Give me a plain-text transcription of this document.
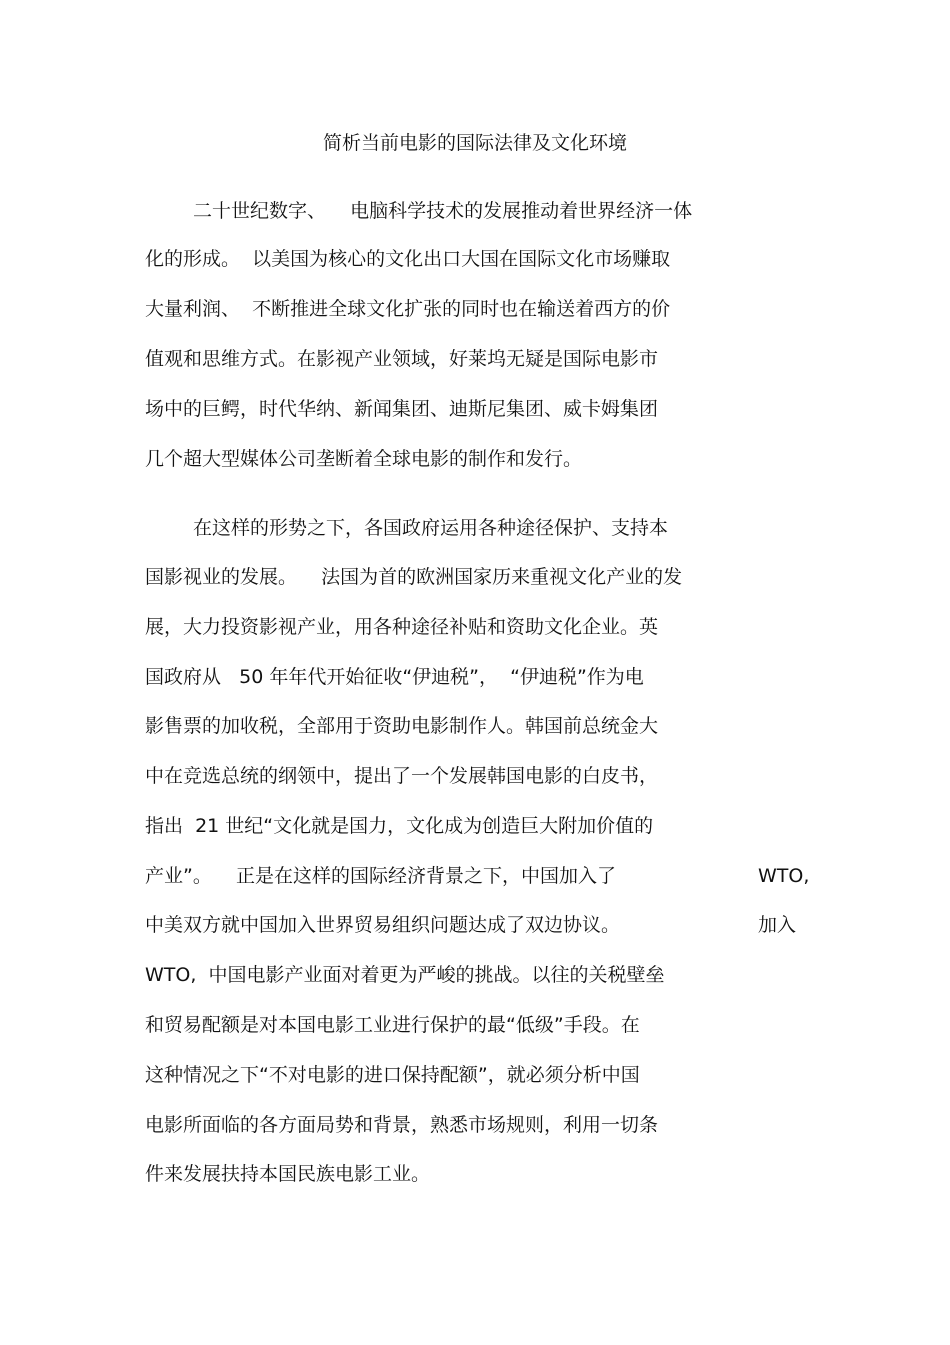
简析当前电影的国际法律及文化环境
二十世纪数字、    电脑科学技术的发展推动着世界经济一体
化的形成。  以美国为核心的文化出口大国在国际文化市场赚取
大量利润、  不断推进全球文化扩张的同时也在输送着西方的价
值观和思维方式。在影视产业领域，好莱坞无疑是国际电影市
场中的巨鳄，时代华纳、新闻集团、迪斯尼集团、威卡姆集团
几个超大型媒体公司垄断着全球电影的制作和发行。
在这样的形势之下，各国政府运用各种途径保护、支持本
国影视业的发展。    法国为首的欧洲国家历来重视文化产业的发
展，大力投资影视产业，用各种途径补贴和资助文化企业。英
国政府从   50 年年代开始征收“伊迪税”，  “伊迪税”作为电
影售票的加收税，全部用于资助电影制作人。韩国前总统金大
中在竞选总统的纲领中，提出了一个发展韩国电影的白皮书，
指出  21 世纪“文化就是国力，文化成为创造巨大附加价值的
产业”。    正是在这样的国际经济背景之下，中国加入了	WTO,
中美双方就中国加入世界贸易组织问题达成了双边协议。	加入
WTO,  中国电影产业面对着更为严峻的挑战。以往的关税壁垒
和贸易配额是对本国电影工业进行保护的最“低级”手段。在
这种情况之下“不对电影的进口保持配额”，就必须分析中国
电影所面临的各方面局势和背景，熟悉市场规则，利用一切条
件来发展扶持本国民族电影工业。
